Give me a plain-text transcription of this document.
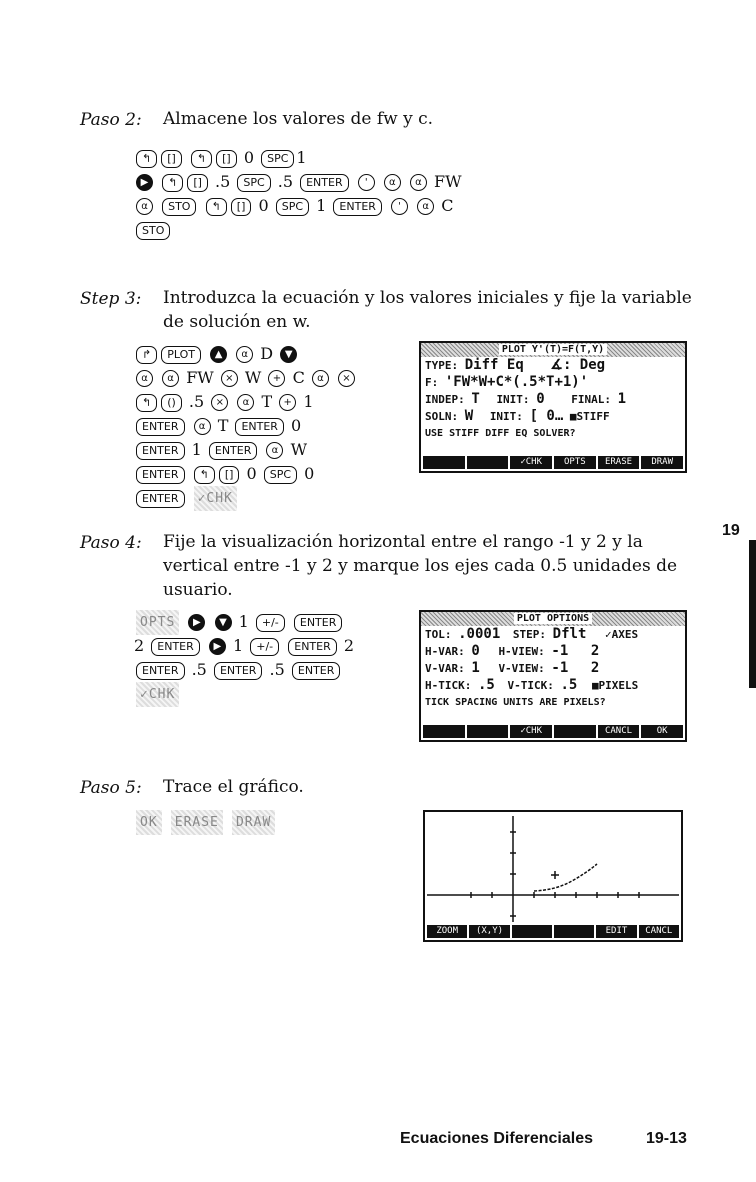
Paso 2: Almacene los valores de fw y c.
↰ [] ↰ [] 0 SPC 1
▶ ↰ [] .5 SPC .5 ENTER ' α α FW
α STO ↰ [] 0 SPC 1 ENTER ' α C
STO
Step 3: Introduzca la ecuación y los valores iniciales y fije la variable
de solución en w.
↱ PLOT ▲ α D ▼
α α FW × W + C α ×
↰ () .5 × α T + 1
ENTER α T ENTER 0
ENTER 1 ENTER α W
ENTER ↰ [] 0 SPC 0
ENTER ✓CHK
PLOT Y'(T)=F(T,Y)
TYPE: Diff Eq ∡: Deg
F: 'FW*W+C*(.5*T+1)'
INDEP: T INIT: 0 FINAL: 1
SOLN: W INIT: [ 0… ■STIFF
USE STIFF DIFF EQ SOLVER?
✓CHK	OPTS	ERASE	DRAW
Paso 4: Fije la visualización horizontal entre el rango -1 y 2 y la
vertical entre -1 y 2 y marque los ejes cada 0.5 unidades de
usuario.
OPTS ▶ ▼ 1 +/- ENTER
2 ENTER ▶ 1 +/- ENTER 2
ENTER .5 ENTER .5 ENTER
✓CHK
PLOT OPTIONS
TOL: .0001 STEP: Dflt ✓AXES
H-VAR: 0 H-VIEW: -1 2
V-VAR: 1 V-VIEW: -1 2
H-TICK: .5 V-TICK: .5 ■PIXELS
TICK SPACING UNITS ARE PIXELS?
✓CHK	CANCL	OK
Paso 5: Trace el gráfico.
OK ERASE DRAW
ZOOM	(X,Y)	EDIT	CANCL
19
Ecuaciones Diferenciales	19-13
